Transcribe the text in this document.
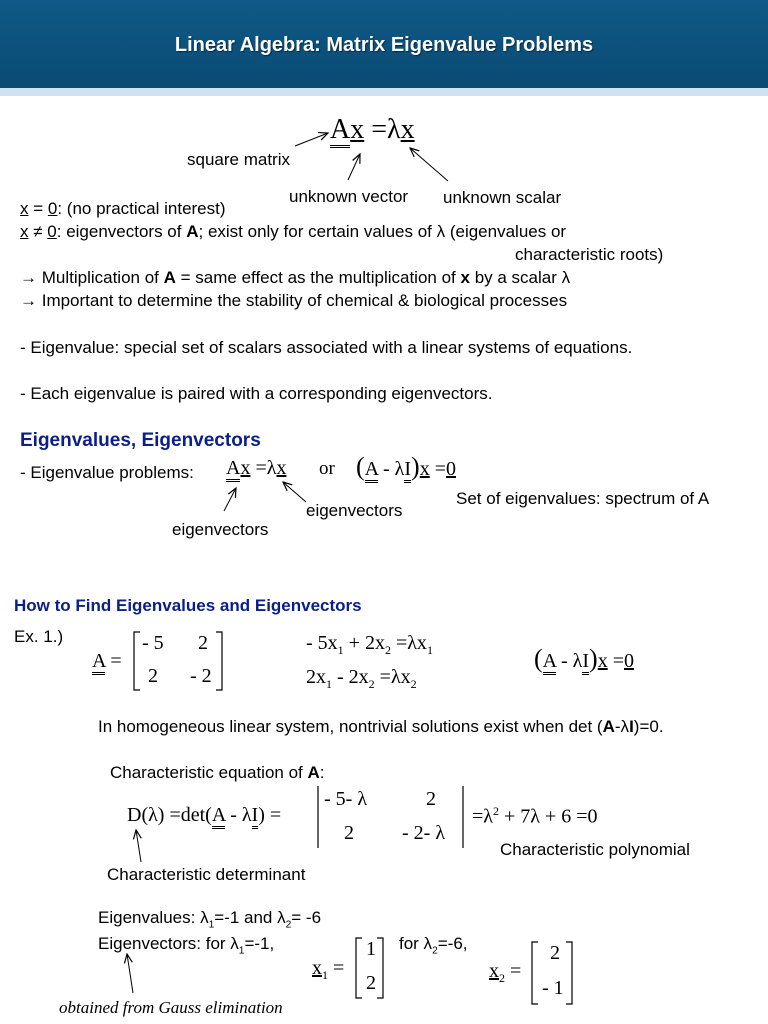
Linear Algebra: Matrix Eigenvalue Problems
Ax =λx
square matrix
unknown vector unknown scalar
x = 0: (no practical interest)
x ≠ 0: eigenvectors of A; exist only for certain values of λ (eigenvalues or
characteristic roots)
→ Multiplication of A = same effect as the multiplication of x by a scalar λ
→ Important to determine the stability of chemical & biological processes
- Eigenvalue: special set of scalars associated with a linear systems of equations.
- Each eigenvalue is paired with a corresponding eigenvectors.
Eigenvalues, Eigenvectors
- Eigenvalue problems: Ax =λx or (A - λI)x =0
Set of eigenvalues: spectrum of A
eigenvectors
eigenvectors
How to Find Eigenvalues and Eigenvectors
Ex. 1.)
A =
- 5 2
2 - 2
- $5x_1 + 2x_2 =\lambda x_1$
$2x_1 - 2x_2 =\lambda x_2$
(A - λI)x =0
In homogeneous linear system, nontrivial solutions exist when det (A-λI)=0.
Characteristic equation of A:
D(λ) =det(A - λI) =
- 5- λ	2
2 - 2- λ
$=\lambda^2 + 7\lambda + 6 =0$
Characteristic polynomial
Characteristic determinant
Eigenvalues: $\lambda_1=-1$ and $\lambda_2= -6$
Eigenvectors: for $\lambda_1=-1$,	for $\lambda_2=-6$,
$x_1$ =
1
2
$x_2$ =
2
- 1
obtained from Gauss elimination
